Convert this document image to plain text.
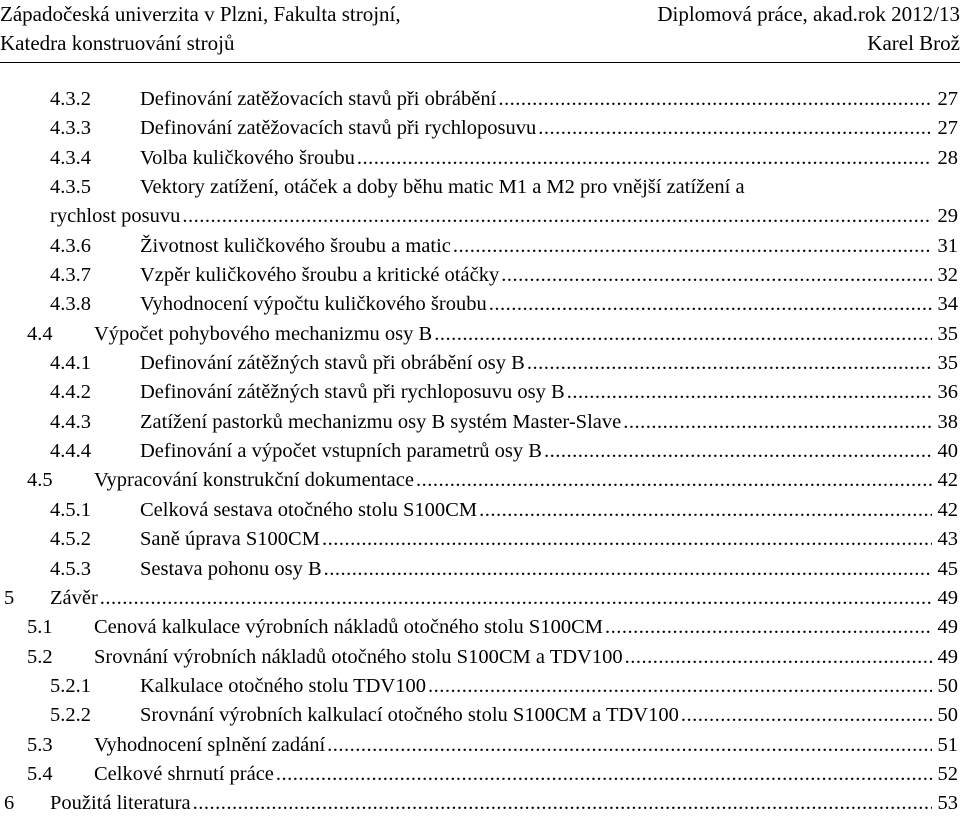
Západočeská univerzita v Plzni, Fakulta strojní,	Diplomová práce, akad.rok 2012/13
Katedra konstruování strojů	Karel Brož
4.3.2 Definování zatěžovacích stavů při obrábění .....	27
4.3.3 Definování zatěžovacích stavů při rychloposuvu .....	27
4.3.4 Volba kuličkového šroubu .....	28
4.3.5 Vektory zatížení, otáček a doby běhu matic M1 a M2 pro vnější zatížení a
rychlost posuvu .....	29
4.3.6 Životnost kuličkového šroubu a matic .....	31
4.3.7 Vzpěr kuličkového šroubu a kritické otáčky .....	32
4.3.8 Vyhodnocení výpočtu kuličkového šroubu .....	34
4.4 Výpočet pohybového mechanizmu osy B .....	35
4.4.1 Definování zátěžných stavů při obrábění osy B .....	35
4.4.2 Definování zátěžných stavů při rychloposuvu osy B .....	36
4.4.3 Zatížení pastorků mechanizmu osy B systém Master-Slave .....	38
4.4.4 Definování a výpočet vstupních parametrů osy B .....	40
4.5 Vypracování konstrukční dokumentace .....	42
4.5.1 Celková sestava otočného stolu S100CM .....	42
4.5.2 Saně úprava S100CM .....	43
4.5.3 Sestava pohonu osy B .....	45
5 Závěr .....	49
5.1 Cenová kalkulace výrobních nákladů otočného stolu S100CM .....	49
5.2 Srovnání výrobních nákladů otočného stolu S100CM a TDV100 .....	49
5.2.1 Kalkulace otočného stolu TDV100 .....	50
5.2.2 Srovnání výrobních kalkulací otočného stolu S100CM a TDV100 .....	50
5.3 Vyhodnocení splnění zadání .....	51
5.4 Celkové shrnutí práce .....	52
6 Použitá literatura .....	53
